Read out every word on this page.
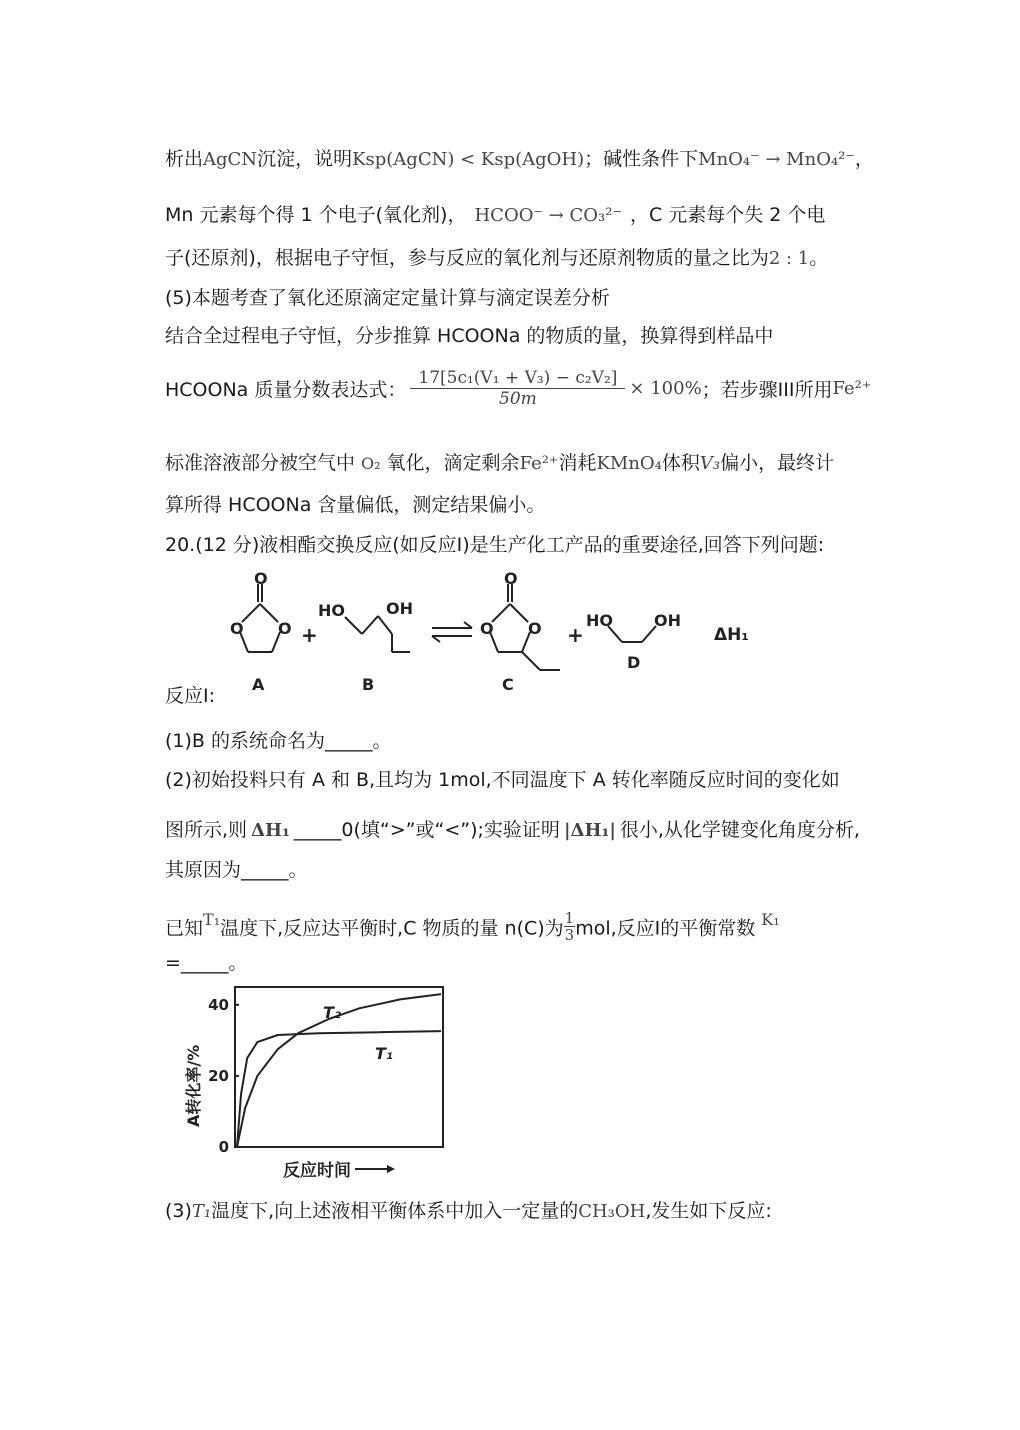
析出AgCN沉淀，说明Ksp(AgCN) < Ksp(AgOH)；碱性条件下MnO₄⁻ → MnO₄²⁻，
Mn 元素每个得 1 个电子(氧化剂)， HCOO⁻ → CO₃²⁻ ，C 元素每个失 2 个电
子(还原剂)，根据电子守恒，参与反应的氧化剂与还原剂物质的量之比为2 : 1。
(5)本题考查了氧化还原滴定定量计算与滴定误差分析
结合全过程电子守恒，分步推算 HCOONa 的物质的量，换算得到样品中
HCOONa 质量分数表达式： $\frac{\text{17[5c₁(V₁ + V₃) − c₂V₂]}}{50m} \times 100\%$；若步骤III所用Fe²⁺
标准溶液部分被空气中 O₂ 氧化，滴定剩余Fe²⁺消耗KMnO₄体积V₃偏小，最终计
算所得 HCOONa 含量偏低，测定结果偏小。
20.(12 分)液相酯交换反应(如反应I)是生产化工产品的重要途径,回答下列问题:
O
O O +
HO	OH
O
O O +
HO	OH
ΔH₁
A	B	C
D
反应I:
(1)B 的系统命名为_____。
(2)初始投料只有 A 和 B,且均为 1mol,不同温度下 A 转化率随反应时间的变化如
图所示,则 ΔH₁ _____0(填“>”或“<”);实验证明 |ΔH₁| 很小,从化学键变化角度分析,
其原因为_____。
已知$^{T_1}$温度下,反应达平衡时,C 物质的量 n(C)为 $\frac{1}{3}mol$,反应I的平衡常数 $^{K_1}$
=_____。
0
20
40	T₂
T₁
反应时间
A转化率/%
(3)T₁温度下,向上述液相平衡体系中加入一定量的CH₃OH,发生如下反应:
